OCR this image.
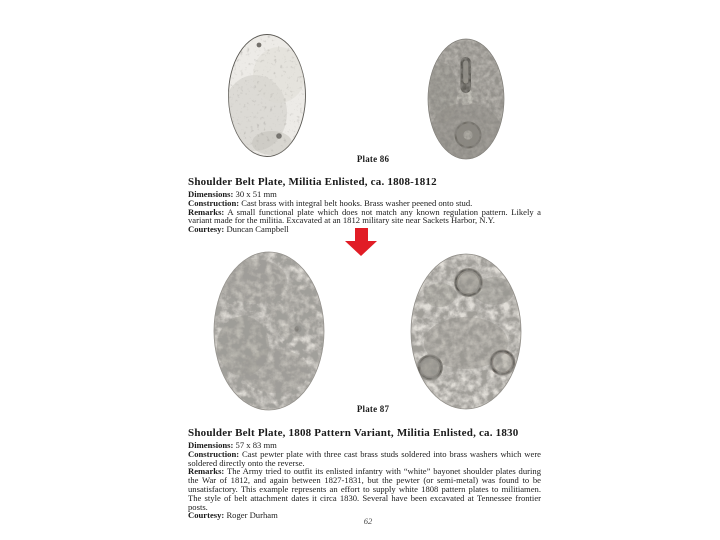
Plate 86
Shoulder Belt Plate, Militia Enlisted, ca. 1808-1812

Dimensions: 30 x 51 mm

Construction: Cast brass with integral belt hooks. Brass washer peened onto stud.

Remarks: A small functional plate which does not match any known regulation pattern. Likely a variant made for the militia. Excavated at an 1812 military site near Sackets Harbor, N.Y.

Courtesy: Duncan Campbell

Plate 87
Shoulder Belt Plate, 1808 Pattern Variant, Militia Enlisted, ca. 1830

Dimensions: 57 x 83 mm

Construction: Cast pewter plate with three cast brass studs soldered into brass washers which were soldered directly onto the reverse.

Remarks: The Army tried to outfit its enlisted infantry with “white” bayonet shoulder plates during the War of 1812, and again between 1827-1831, but the pewter (or semi-metal) was found to be unsatisfactory. This example represents an effort to supply white 1808 pattern plates to militiamen. The style of belt attachment dates it circa 1830. Several have been excavated at Tennessee frontier posts.

Courtesy: Roger Durham

62
